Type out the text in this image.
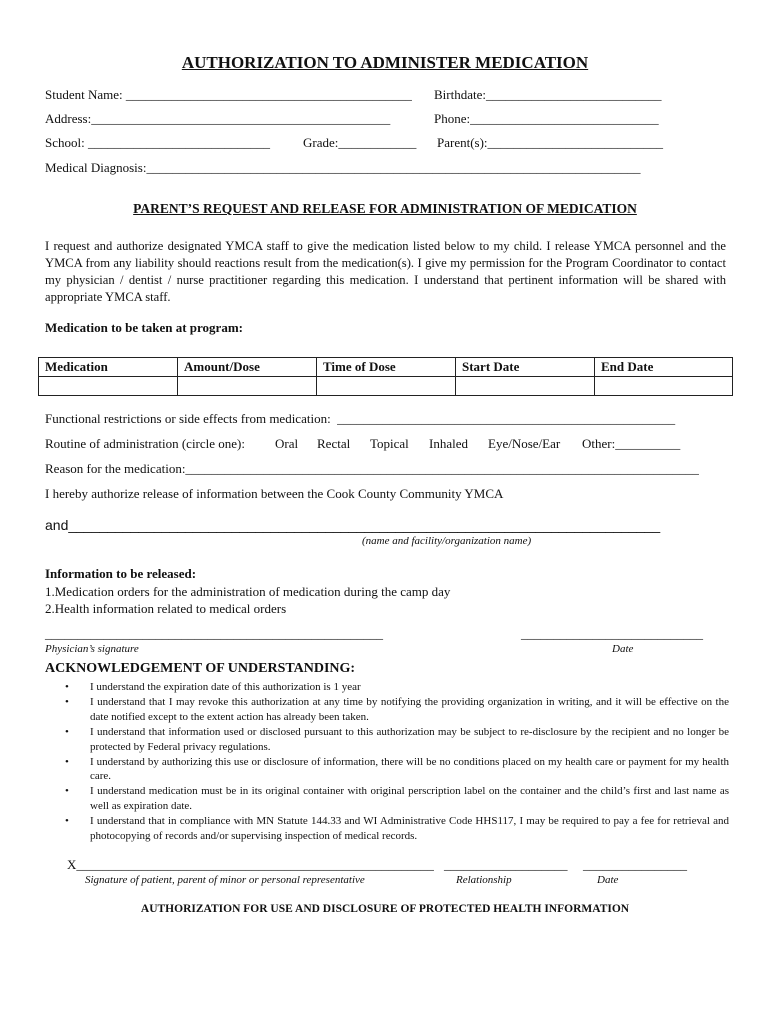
AUTHORIZATION TO ADMINISTER MEDICATION
Student Name: ____________________________________________ Birthdate:___________________________
Address:______________________________________________	Phone:_____________________________
School: ____________________________	Grade:____________ Parent(s):___________________________
Medical Diagnosis:____________________________________________________________________________
PARENT’S REQUEST AND RELEASE FOR ADMINISTRATION OF MEDICATION
I request and authorize designated YMCA staff to give the medication listed below to my child. I release YMCA personnel and the YMCA from any liability should reactions result from the medication(s). I give my permission for the Program Coordinator to contact my physician / dentist / nurse practitioner regarding this medication. I understand that pertinent information will be shared with appropriate YMCA staff.
Medication to be taken at program:
Medication	Amount/Dose	Time of Dose	Start Date	End Date

Functional restrictions or side effects from medication:  ____________________________________________________
Routine of administration (circle one): Oral Rectal Topical Inhaled Eye/Nose/Ear Other:__________
Reason for the medication:_______________________________________________________________________________
I hereby authorize release of information between the Cook County Community YMCA
and____________________________________________________________________________
(name and facility/organization name)
Information to be released:
1.Medication orders for the administration of medication during the camp day
2.Health information related to medical orders
____________________________________________________	____________________________
Physician’s signature	Date
ACKNOWLEDGEMENT OF UNDERSTANDING:
• I understand the expiration date of this authorization is 1 year
• I understand that I may revoke this authorization at any time by notifying the providing organization in writing, and it will be effective on the date notified except to the extent action has already been taken.
• I understand that information used or disclosed pursuant to this authorization may be subject to re-disclosure by the recipient and no longer be protected by Federal privacy regulations.
• I understand by authorizing this use or disclosure of information, there will be no conditions placed on my health care or payment for my health care.
• I understand medication must be in its original container with original perscription label on the container and the child’s first and last name as well as expiration date.
• I understand that in compliance with MN Statute 144.33 and WI Administrative Code HHS117, I may be required to pay a fee for retrieval and photocopying of records and/or supervising inspection of medical records.
X_______________________________________________________ ___________________ ________________
Signature of patient, parent of minor or personal representative	Relationship	Date
AUTHORIZATION FOR USE AND DISCLOSURE OF PROTECTED HEALTH INFORMATION
